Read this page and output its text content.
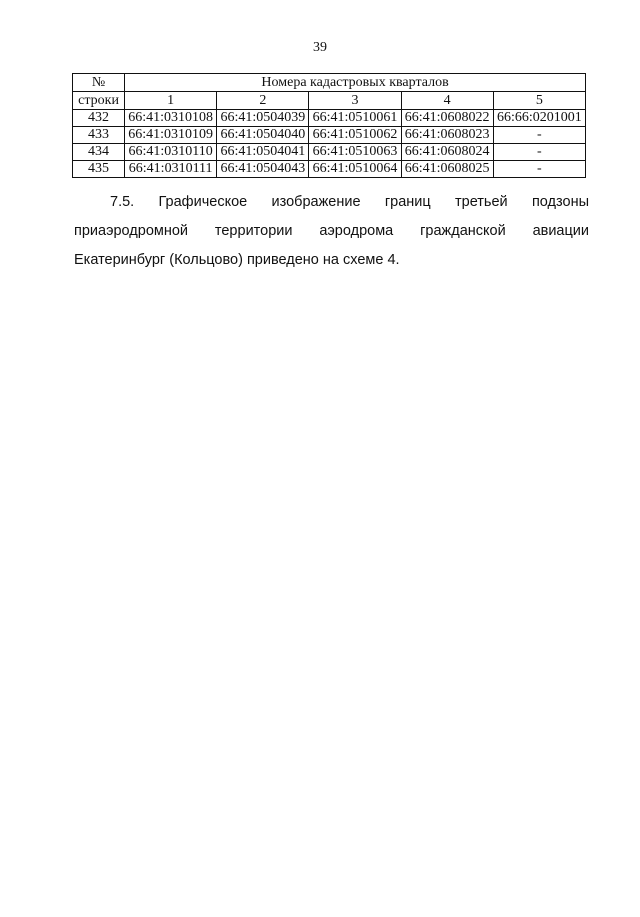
39
№	Номера кадастровых кварталов				
строки	1	2	3	4	5
432	66:41:0310108	66:41:0504039	66:41:0510061	66:41:0608022	66:66:0201001
433	66:41:0310109	66:41:0504040	66:41:0510062	66:41:0608023	-
434	66:41:0310110	66:41:0504041	66:41:0510063	66:41:0608024	-
435	66:41:0310111	66:41:0504043	66:41:0510064	66:41:0608025	-

7.5. Графическое изображение границ третьей подзоны приаэродромной территории аэродрома гражданской авиации Екатеринбург (Кольцово) приведено на схеме 4.
